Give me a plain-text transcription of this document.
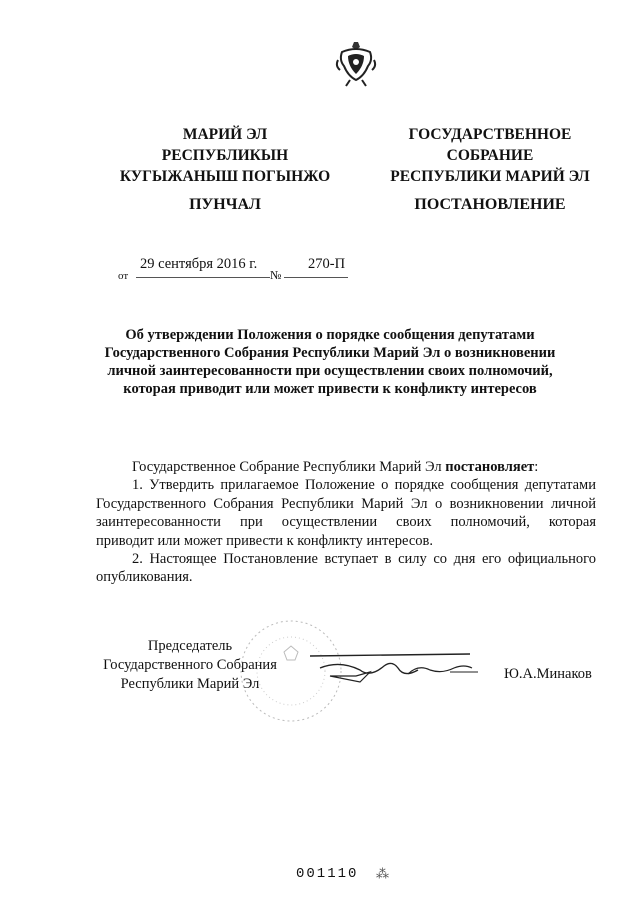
МАРИЙ ЭЛ
РЕСПУБЛИКЫН
КУГЫЖАНЫШ ПОГЫНЖО
ГОСУДАРСТВЕННОЕ
СОБРАНИЕ
РЕСПУБЛИКИ МАРИЙ ЭЛ
ПУНЧАЛ	ПОСТАНОВЛЕНИЕ
от
29 сентября 2016 г.
№
270-П
Об утверждении Положения о порядке сообщения депутатами
Государственного Собрания Республики Марий Эл о возникновении
личной заинтересованности при осуществлении своих полномочий,
которая приводит или может привести к конфликту интересов

Государственное Собрание Республики Марий Эл постановляет:

1. Утвердить прилагаемое Положение о порядке сообщения депутатами
Государственного Собрания Республики Марий Эл о возникновении личной
заинтересованности при осуществлении своих полномочий, которая
приводит или может привести к конфликту интересов.

2. Настоящее Постановление вступает в силу со дня его официального
опубликования.

Председатель
Государственного Собрания
Республики Марий Эл
Ю.А.Минаков
001110 ⁂
